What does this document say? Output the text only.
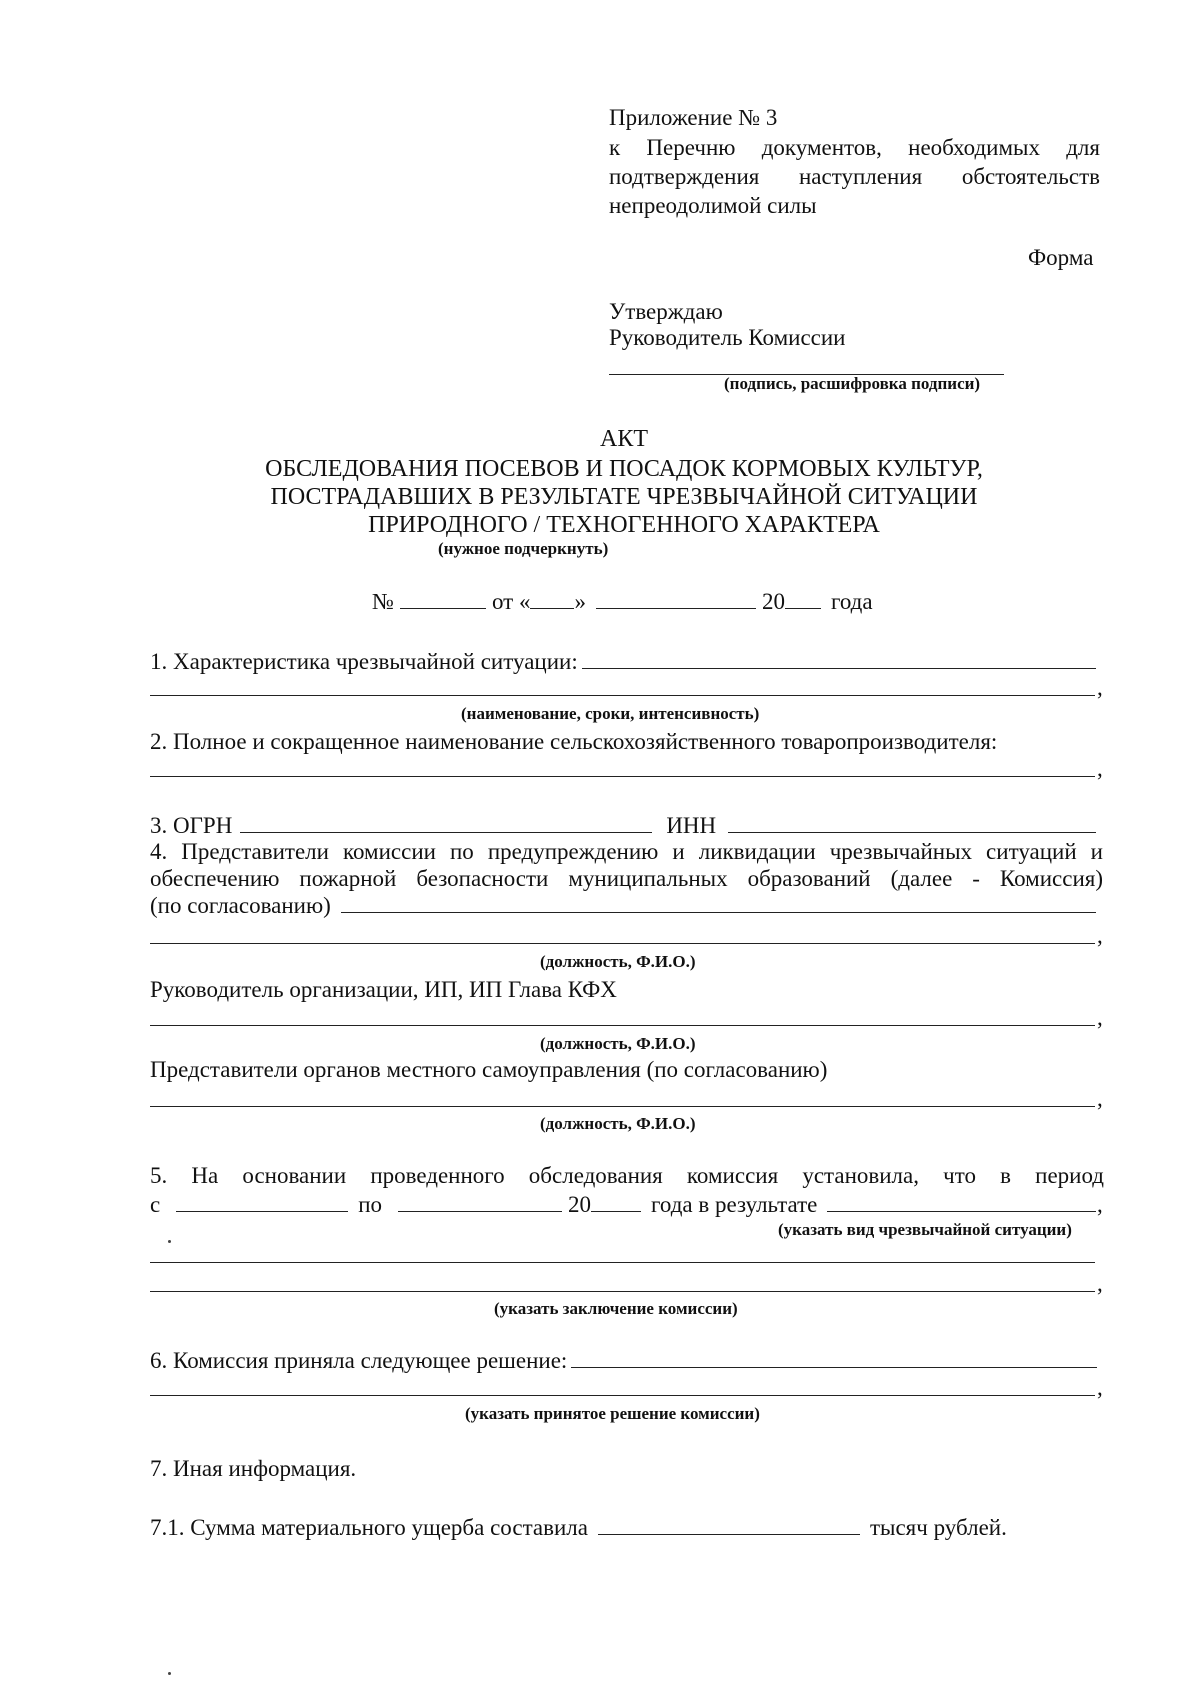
Приложение № 3
к Перечню документов, необходимых для
подтверждения наступления обстоятельств
непреодолимой силы
Форма
Утверждаю
Руководитель Комиссии
(подпись, расшифровка подписи)
АКТ
ОБСЛЕДОВАНИЯ ПОСЕВОВ И ПОСАДОК КОРМОВЫХ КУЛЬТУР,
ПОСТРАДАВШИХ В РЕЗУЛЬТАТЕ ЧРЕЗВЫЧАЙНОЙ СИТУАЦИИ
ПРИРОДНОГО / ТЕХНОГЕННОГО ХАРАКТЕРА
(нужное подчеркнуть)
№	от « »	20 года
1. Характеристика чрезвычайной ситуации:
,
(наименование, сроки, интенсивность)
2. Полное и сокращенное наименование сельскохозяйственного товаропроизводителя:
,
3. ОГРН	ИНН
4. Представители комиссии по предупреждению и ликвидации чрезвычайных ситуаций и
обеспечению пожарной безопасности муниципальных образований (далее - Комиссия)
(по согласованию)
,
(должность, Ф.И.О.)
Руководитель организации, ИП, ИП Глава КФХ
,
(должность, Ф.И.О.)
Представители органов местного самоуправления (по согласованию)
,
(должность, Ф.И.О.)
5. На основании проведенного обследования комиссия установила, что в период
с	по	20	года в результате	,
(указать вид чрезвычайной ситуации)
,
(указать заключение комиссии)
6. Комиссия приняла следующее решение:
,
(указать принятое решение комиссии)
7. Иная информация.
7.1. Сумма материального ущерба составила	тысяч рублей.
